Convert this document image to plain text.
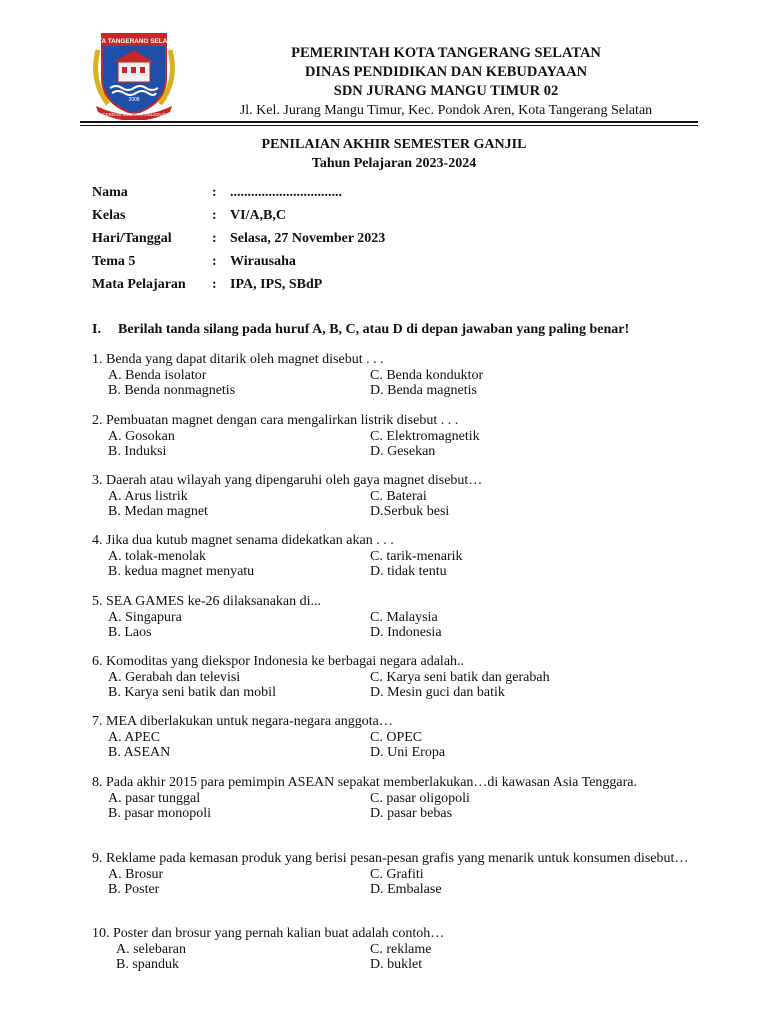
KOTA TANGERANG SELATAN
2008
CERDAS MODERN RELIGIUS
PEMERINTAH KOTA TANGERANG SELATAN
DINAS PENDIDIKAN DAN KEBUDAYAAN
SDN JURANG MANGU TIMUR 02
Jl. Kel. Jurang Mangu Timur, Kec. Pondok Aren, Kota Tangerang Selatan
PENILAIAN AKHIR SEMESTER GANJIL
Tahun Pelajaran 2023-2024
Nama	: ................................
Kelas	: VI/A,B,C
Hari/Tanggal	: Selasa, 27 November 2023
Tema 5	: Wirausaha
Mata Pelajaran	: IPA, IPS, SBdP
I. Berilah tanda silang pada huruf A, B, C, atau D di depan jawaban yang paling benar!
1. Benda yang dapat ditarik oleh magnet disebut . . .
A. Benda isolator	C. Benda konduktor
B. Benda nonmagnetis	D. Benda magnetis
2. Pembuatan magnet dengan cara mengalirkan listrik disebut . . .
A. Gosokan	C. Elektromagnetik
B. Induksi	D. Gesekan
3. Daerah atau wilayah yang dipengaruhi oleh gaya magnet disebut…
A. Arus listrik	C. Baterai
B. Medan magnet	D.Serbuk besi
4. Jika dua kutub magnet senama didekatkan akan . . .
A. tolak-menolak	C. tarik-menarik
B. kedua magnet menyatu	D. tidak tentu
5. SEA GAMES ke-26 dilaksanakan di...
A. Singapura	C. Malaysia
B. Laos	D. Indonesia
6. Komoditas yang diekspor Indonesia ke berbagai negara adalah..
A. Gerabah dan televisi	C. Karya seni batik dan gerabah
B. Karya seni batik dan mobil	D. Mesin guci dan batik
7. MEA diberlakukan untuk negara-negara anggota…
A. APEC	C. OPEC
B. ASEAN	D. Uni Eropa
8. Pada akhir 2015 para pemimpin ASEAN sepakat memberlakukan…di kawasan Asia Tenggara.
A. pasar tunggal	C. pasar oligopoli
B. pasar monopoli	D. pasar bebas
9. Reklame pada kemasan produk yang berisi pesan-pesan grafis yang menarik untuk konsumen disebut…
A. Brosur	C. Grafiti
B. Poster	D. Embalase
10. Poster dan brosur yang pernah kalian buat adalah contoh…
A. selebaran	C. reklame
B. spanduk	D. buklet
